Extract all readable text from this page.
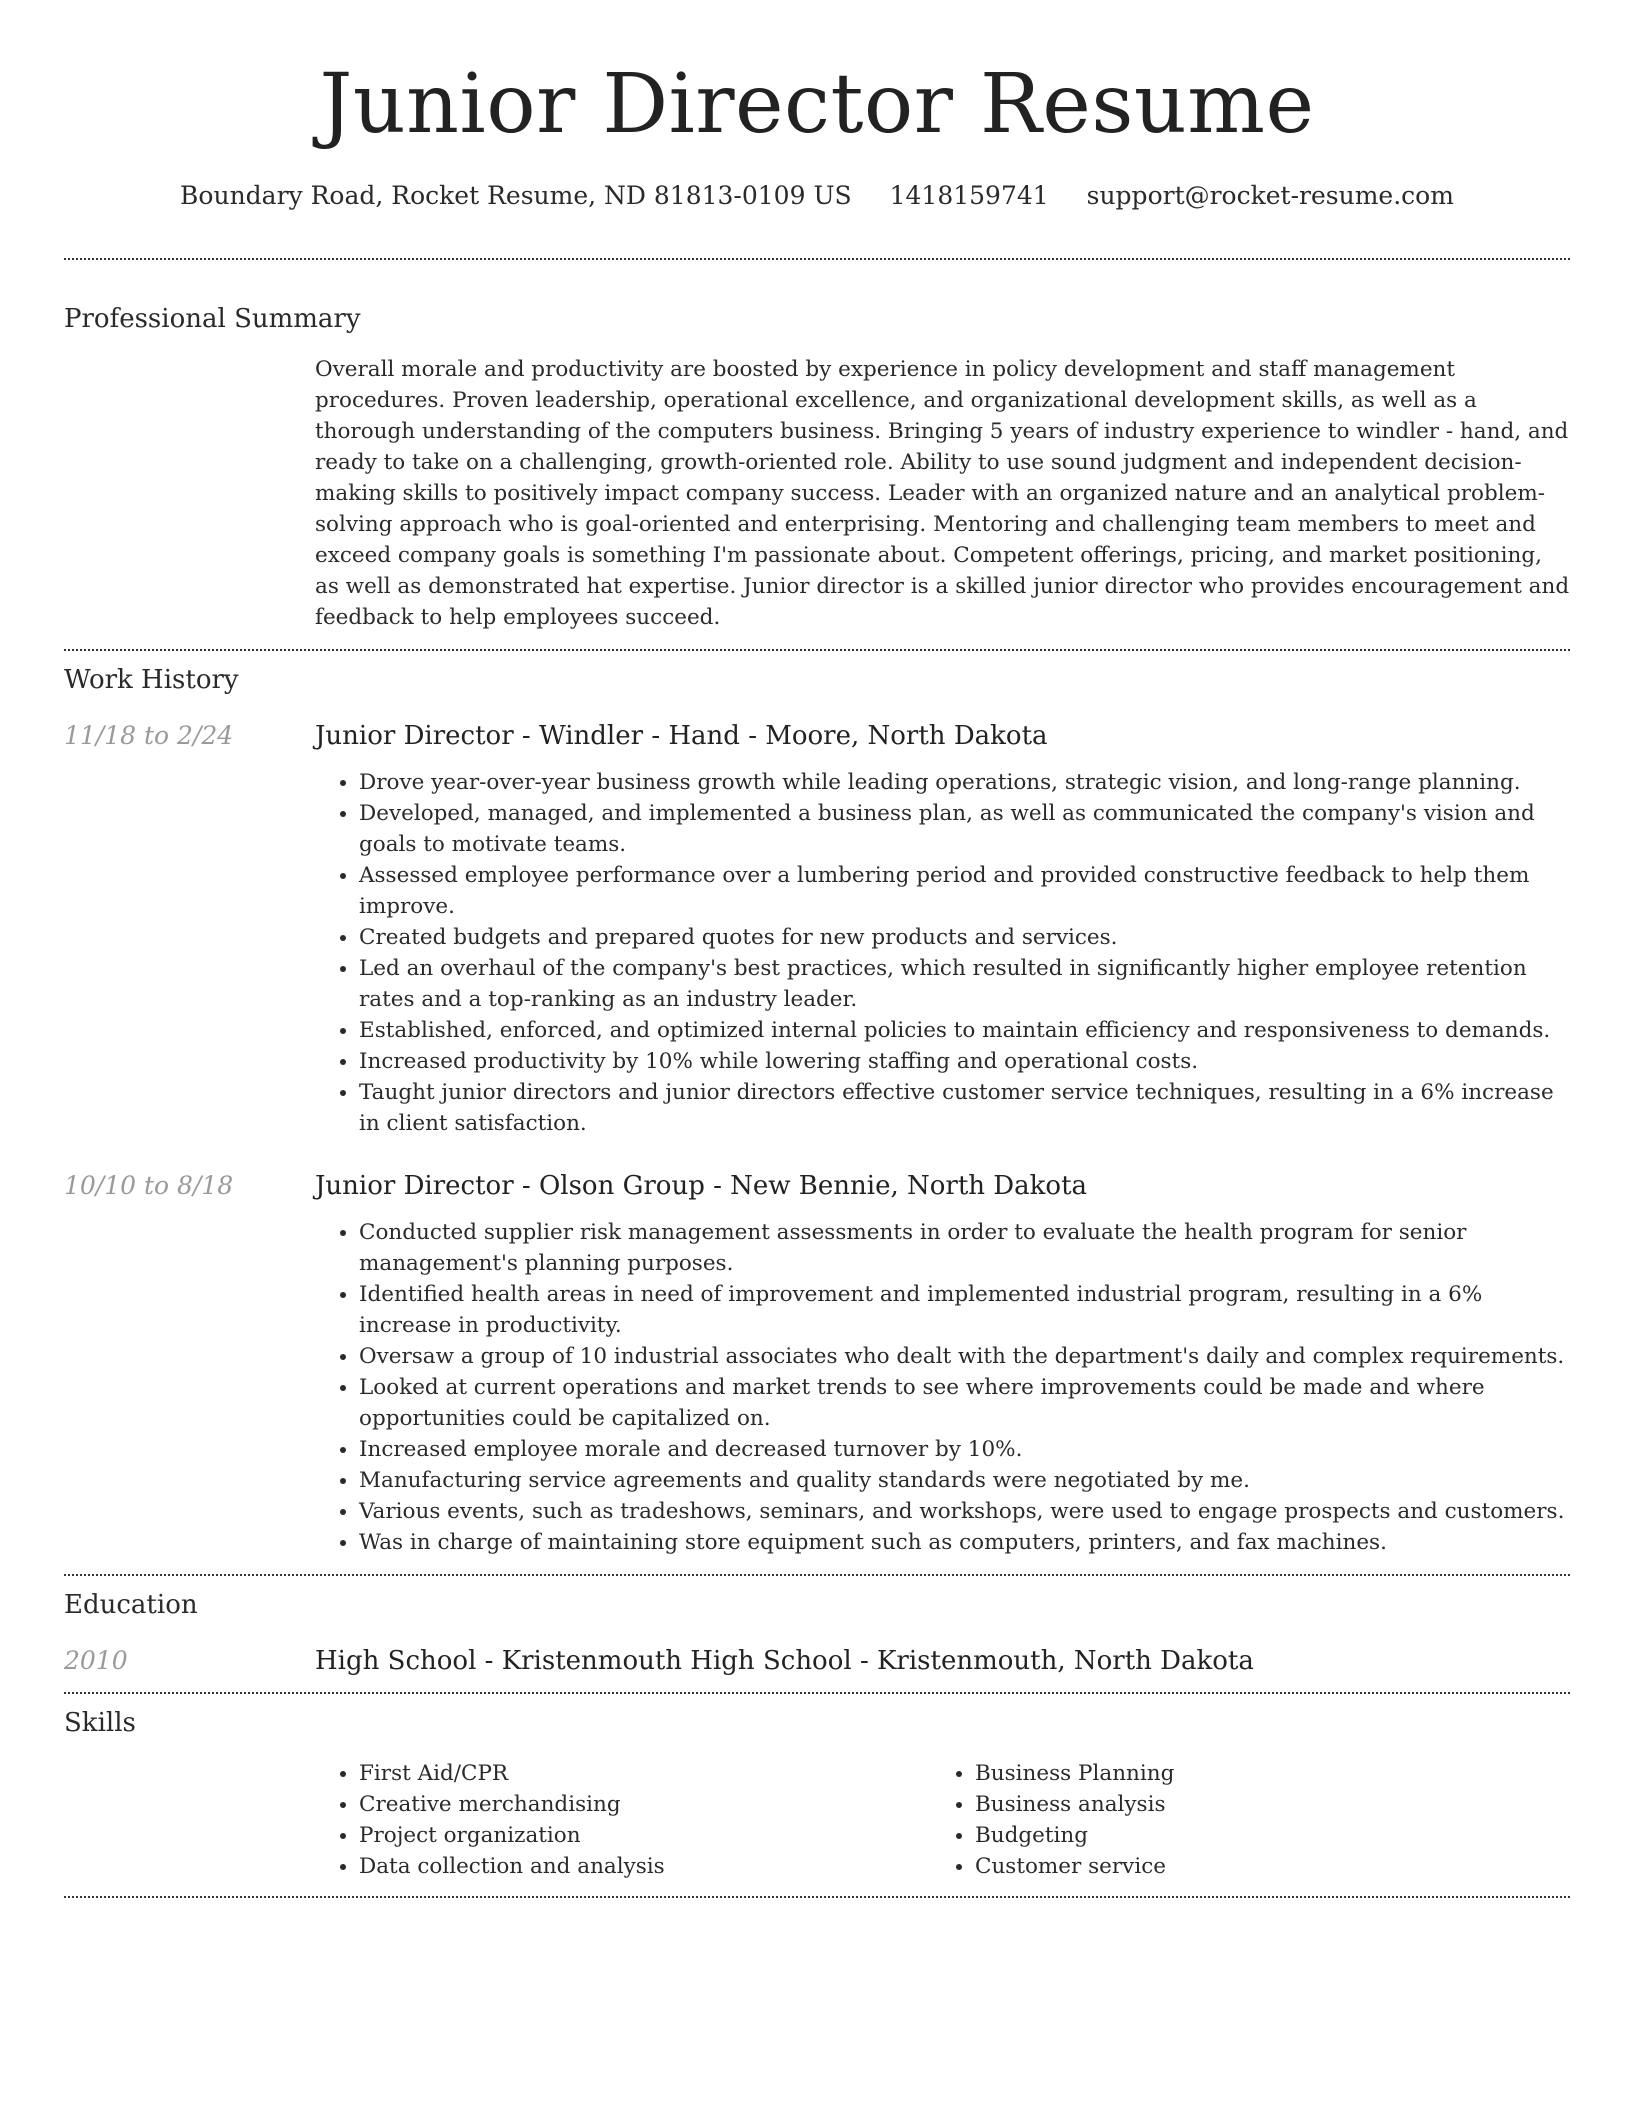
Junior Director Resume
Boundary Road, Rocket Resume, ND 81813-0109 US 1418159741 support@rocket-resume.com
Professional Summary

Overall morale and productivity are boosted by experience in policy development and staff management procedures. Proven leadership, operational excellence, and organizational development skills, as well as a thorough understanding of the computers business. Bringing 5 years of industry experience to windler - hand, and ready to take on a challenging, growth-oriented role. Ability to use sound judgment and independent decision-making skills to positively impact company success. Leader with an organized nature and an analytical problem-solving approach who is goal-oriented and enterprising. Mentoring and challenging team members to meet and exceed company goals is something I'm passionate about. Competent offerings, pricing, and market positioning, as well as demonstrated hat expertise. Junior director is a skilled junior director who provides encouragement and feedback to help employees succeed.

Work History
11/18 to 2/24	Junior Director - Windler - Hand - Moore, North Dakota
• Drove year-over-year business growth while leading operations, strategic vision, and long-range planning.
• Developed, managed, and implemented a business plan, as well as communicated the company's vision and goals to motivate teams.
• Assessed employee performance over a lumbering period and provided constructive feedback to help them improve.
• Created budgets and prepared quotes for new products and services.
• Led an overhaul of the company's best practices, which resulted in significantly higher employee retention rates and a top-ranking as an industry leader.
• Established, enforced, and optimized internal policies to maintain efficiency and responsiveness to demands.
• Increased productivity by 10% while lowering staffing and operational costs.
• Taught junior directors and junior directors effective customer service techniques, resulting in a 6% increase in client satisfaction.
10/10 to 8/18	Junior Director - Olson Group - New Bennie, North Dakota
• Conducted supplier risk management assessments in order to evaluate the health program for senior management's planning purposes.
• Identified health areas in need of improvement and implemented industrial program, resulting in a 6% increase in productivity.
• Oversaw a group of 10 industrial associates who dealt with the department's daily and complex requirements.
• Looked at current operations and market trends to see where improvements could be made and where opportunities could be capitalized on.
• Increased employee morale and decreased turnover by 10%.
• Manufacturing service agreements and quality standards were negotiated by me.
• Various events, such as tradeshows, seminars, and workshops, were used to engage prospects and customers.
• Was in charge of maintaining store equipment such as computers, printers, and fax machines.
Education
2010	High School - Kristenmouth High School - Kristenmouth, North Dakota
Skills
• First Aid/CPR
• Creative merchandising
• Project organization
• Data collection and analysis
• Business Planning
• Business analysis
• Budgeting
• Customer service
